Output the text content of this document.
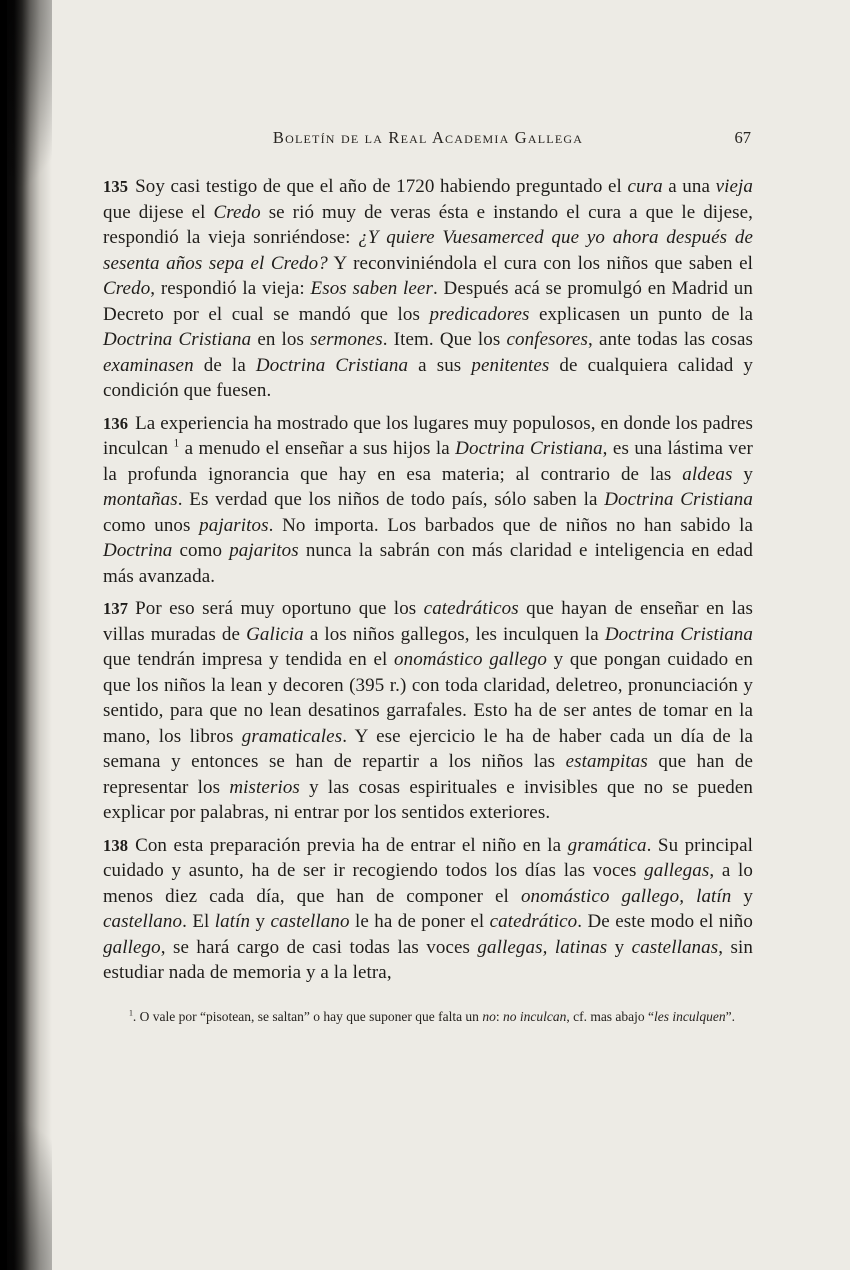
Boletín de la Real Academia Gallega	67

135 Soy casi testigo de que el año de 1720 habiendo preguntado el cura a una vieja que dijese el Credo se rió muy de veras ésta e instando el cura a que le dijese, respondió la vieja sonriéndose: ¿Y quiere Vuesamerced que yo ahora después de sesenta años sepa el Credo? Y reconviniéndola el cura con los niños que saben el Credo, respondió la vieja: Esos saben leer. Después acá se promulgó en Madrid un Decreto por el cual se mandó que los predicadores explicasen un punto de la Doctrina Cristiana en los sermones. Item. Que los confesores, ante todas las cosas examinasen de la Doctrina Cristiana a sus penitentes de cualquiera calidad y condición que fuesen.

136 La experiencia ha mostrado que los lugares muy populosos, en donde los padres inculcan $^1$ a menudo el enseñar a sus hijos la Doctrina Cristiana, es una lástima ver la profunda ignorancia que hay en esa materia; al contrario de las aldeas y montañas. Es verdad que los niños de todo país, sólo saben la Doctrina Cristiana como unos pajaritos. No importa. Los barbados que de niños no han sabido la Doctrina como pajaritos nunca la sabrán con más claridad e inteligencia en edad más avanzada.

137 Por eso será muy oportuno que los catedráticos que hayan de enseñar en las villas muradas de Galicia a los niños gallegos, les inculquen la Doctrina Cristiana que tendrán impresa y tendida en el onomástico gallego y que pongan cuidado en que los niños la lean y decoren (395 r.) con toda claridad, deletreo, pronunciación y sentido, para que no lean desatinos garrafales. Esto ha de ser antes de tomar en la mano, los libros gramaticales. Y ese ejercicio le ha de haber cada un día de la semana y entonces se han de repartir a los niños las estampitas que han de representar los misterios y las cosas espirituales e invisibles que no se pueden explicar por palabras, ni entrar por los sentidos exteriores.

138 Con esta preparación previa ha de entrar el niño en la gramática. Su principal cuidado y asunto, ha de ser ir recogiendo todos los días las voces gallegas, a lo menos diez cada día, que han de componer el onomástico gallego, latín y castellano. El latín y castellano le ha de poner el catedrático. De este modo el niño gallego, se hará cargo de casi todas las voces gallegas, latinas y castellanas, sin estudiar nada de memoria y a la letra,

$^1$. O vale por “pisotean, se saltan” o hay que suponer que falta un no: no inculcan, cf. mas abajo “les inculquen”.
